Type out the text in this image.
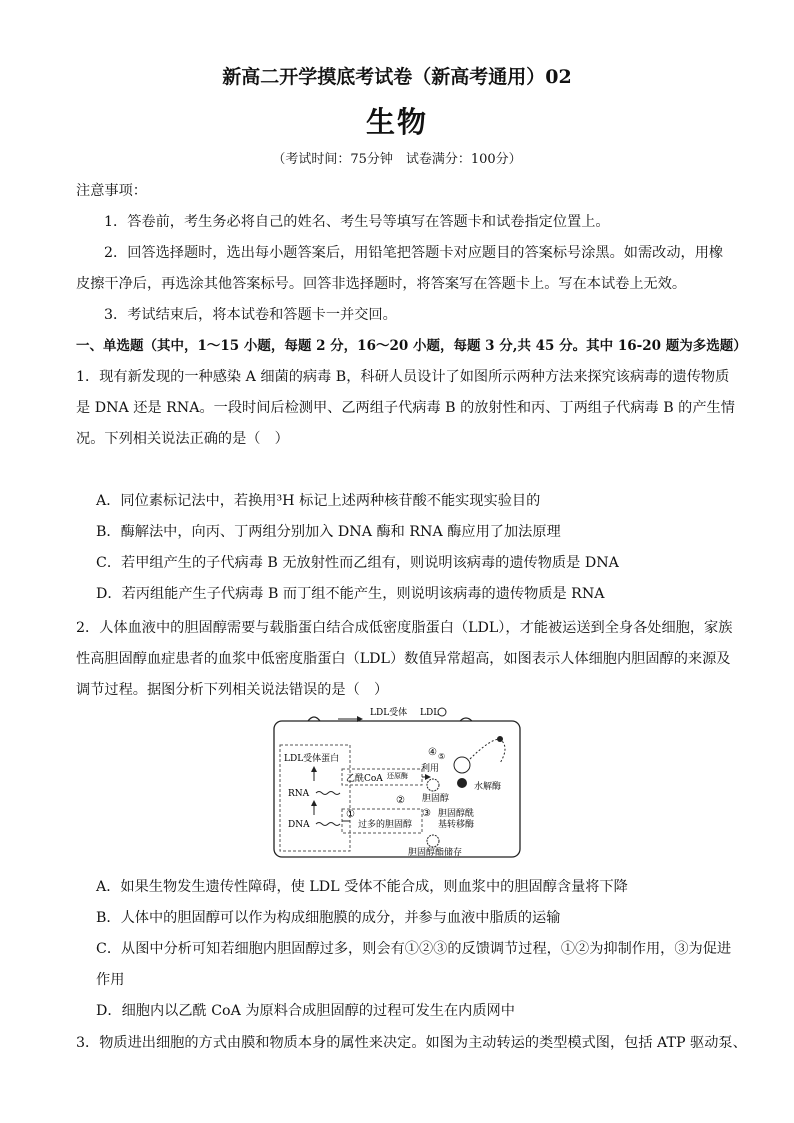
新高二开学摸底考试卷（新高考通用）02
生物
（考试时间：75分钟　试卷满分：100分）
注意事项：
1．答卷前，考生务必将自己的姓名、考生号等填写在答题卡和试卷指定位置上。
2．回答选择题时，选出每小题答案后，用铅笔把答题卡对应题目的答案标号涂黑。如需改动，用橡
皮擦干净后，再选涂其他答案标号。回答非选择题时，将答案写在答题卡上。写在本试卷上无效。
3．考试结束后，将本试卷和答题卡一并交回。
一、单选题（其中，1～15 小题，每题 2 分，16～20 小题，每题 3 分,共 45 分。其中 16-20 题为多选题）
1．现有新发现的一种感染 A 细菌的病毒 B，科研人员设计了如图所示两种方法来探究该病毒的遗传物质
是 DNA 还是 RNA。一段时间后检测甲、乙两组子代病毒 B 的放射性和丙、丁两组子代病毒 B 的产生情
况。下列相关说法正确的是（　）
A．同位素标记法中，若换用³H 标记上述两种核苷酸不能实现实验目的
B．酶解法中，向丙、丁两组分别加入 DNA 酶和 RNA 酶应用了加法原理
C．若甲组产生的子代病毒 B 无放射性而乙组有，则说明该病毒的遗传物质是 DNA
D．若丙组能产生子代病毒 B 而丁组不能产生，则说明该病毒的遗传物质是 RNA
2．人体血液中的胆固醇需要与载脂蛋白结合成低密度脂蛋白（LDL），才能被运送到全身各处细胞，家族
性高胆固醇血症患者的血浆中低密度脂蛋白（LDL）数值异常超高，如图表示人体细胞内胆固醇的来源及
调节过程。据图分析下列相关说法错误的是（　）
LDL受体 LDL
LDL受体蛋白
RNA
DNA
乙酰CoA 还原酶
④
利用
胆固醇
水解酶
①
②
过多的胆固醇
③ 胆固醇酰
基转移酶
胆固醇酯储存
⑤
A．如果生物发生遗传性障碍，使 LDL 受体不能合成，则血浆中的胆固醇含量将下降
B．人体中的胆固醇可以作为构成细胞膜的成分，并参与血液中脂质的运输
C．从图中分析可知若细胞内胆固醇过多，则会有①②③的反馈调节过程，①②为抑制作用，③为促进
作用
D．细胞内以乙酰 CoA 为原料合成胆固醇的过程可发生在内质网中
3．物质进出细胞的方式由膜和物质本身的属性来决定。如图为主动转运的类型模式图，包括 ATP 驱动泵、
